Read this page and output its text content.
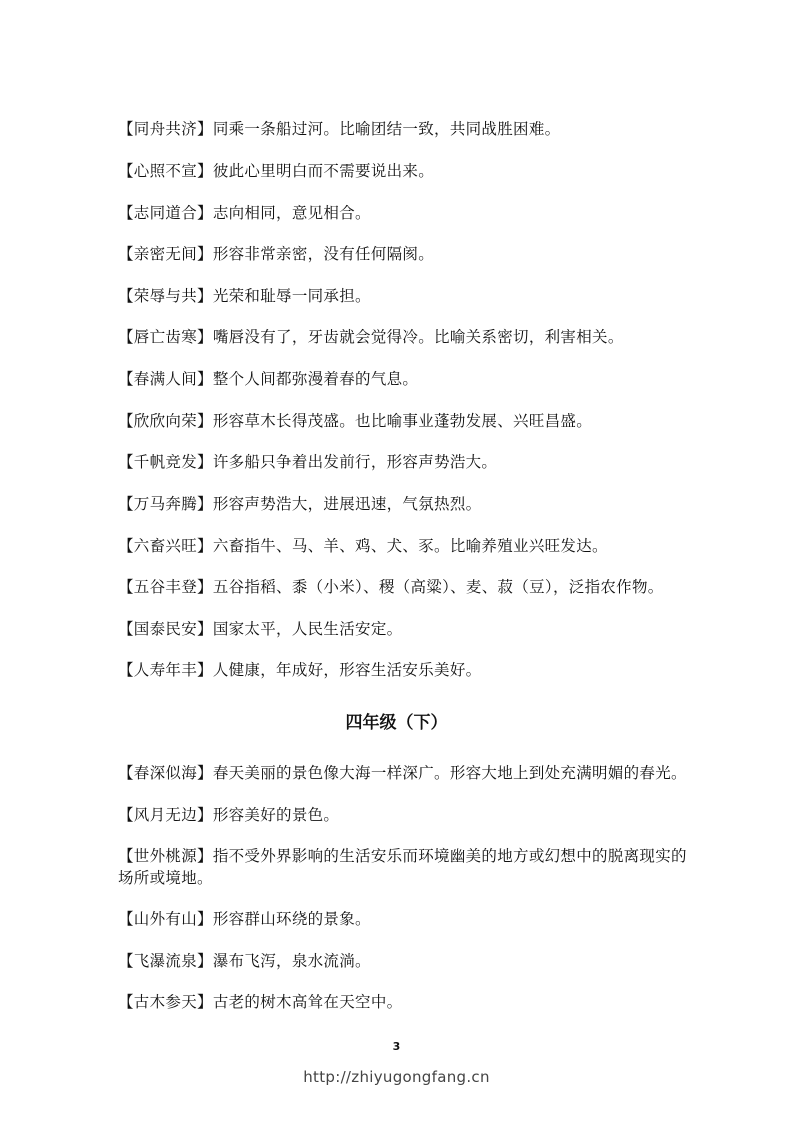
【同舟共济】同乘一条船过河。比喻团结一致，共同战胜困难。
【心照不宣】彼此心里明白而不需要说出来。
【志同道合】志向相同，意见相合。
【亲密无间】形容非常亲密，没有任何隔阂。
【荣辱与共】光荣和耻辱一同承担。
【唇亡齿寒】嘴唇没有了，牙齿就会觉得冷。比喻关系密切，利害相关。
【春满人间】整个人间都弥漫着春的气息。
【欣欣向荣】形容草木长得茂盛。也比喻事业蓬勃发展、兴旺昌盛。
【千帆竞发】许多船只争着出发前行，形容声势浩大。
【万马奔腾】形容声势浩大，进展迅速，气氛热烈。
【六畜兴旺】六畜指牛、马、羊、鸡、犬、豕。比喻养殖业兴旺发达。
【五谷丰登】五谷指稻、黍（小米）、稷（高粱）、麦、菽（豆），泛指农作物。
【国泰民安】国家太平，人民生活安定。
【人寿年丰】人健康，年成好，形容生活安乐美好。
四年级（下）
【春深似海】春天美丽的景色像大海一样深广。形容大地上到处充满明媚的春光。
【风月无边】形容美好的景色。
【世外桃源】指不受外界影响的生活安乐而环境幽美的地方或幻想中的脱离现实的场所或境地。
【山外有山】形容群山环绕的景象。
【飞瀑流泉】瀑布飞泻，泉水流淌。
【古木参天】古老的树木高耸在天空中。
3
http://zhiyugongfang.cn
